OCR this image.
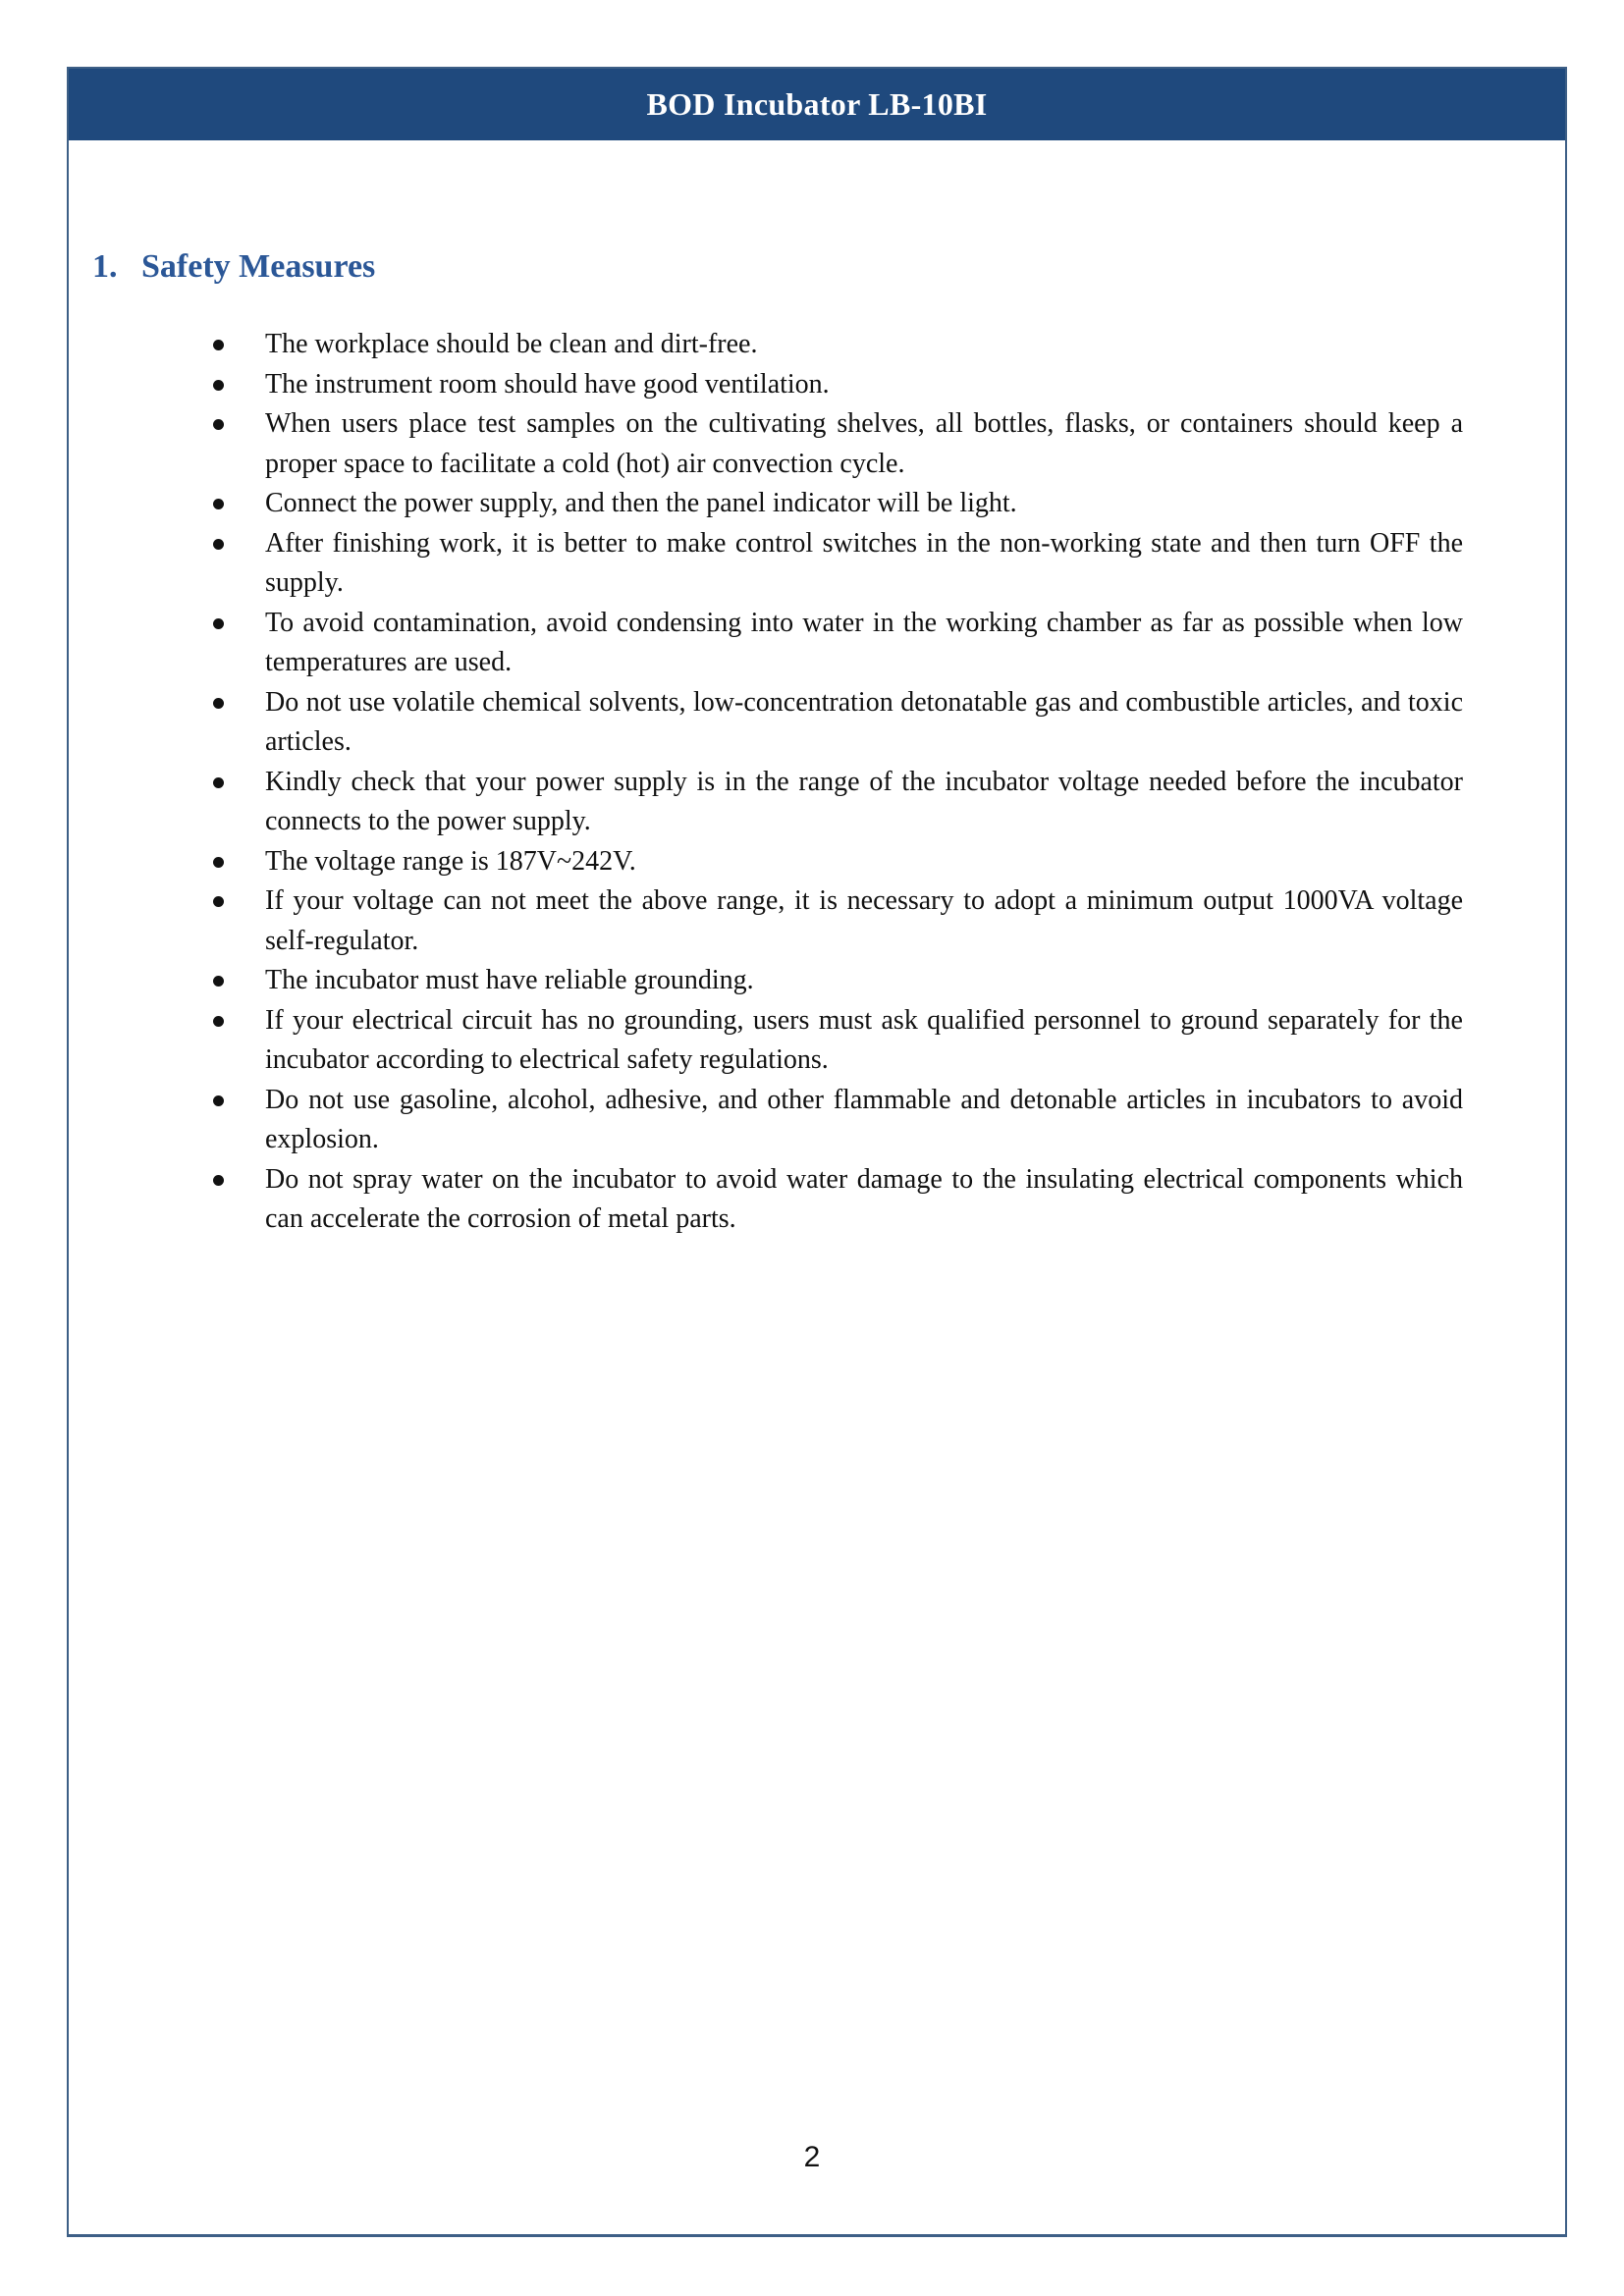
BOD Incubator LB-10BI
1. Safety Measures
The workplace should be clean and dirt-free.
The instrument room should have good ventilation.
When users place test samples on the cultivating shelves, all bottles, flasks, or containers should keep a proper space to facilitate a cold (hot) air convection cycle.
Connect the power supply, and then the panel indicator will be light.
After finishing work, it is better to make control switches in the non-working state and then turn OFF the supply.
To avoid contamination, avoid condensing into water in the working chamber as far as possible when low temperatures are used.
Do not use volatile chemical solvents, low-concentration detonatable gas and combustible articles, and toxic articles.
Kindly check that your power supply is in the range of the incubator voltage needed before the incubator connects to the power supply.
The voltage range is 187V~242V.
If your voltage can not meet the above range, it is necessary to adopt a minimum output 1000VA voltage self-regulator.
The incubator must have reliable grounding.
If your electrical circuit has no grounding, users must ask qualified personnel to ground separately for the incubator according to electrical safety regulations.
Do not use gasoline, alcohol, adhesive, and other flammable and detonable articles in incubators to avoid explosion.
Do not spray water on the incubator to avoid water damage to the insulating electrical components which can accelerate the corrosion of metal parts.
2
